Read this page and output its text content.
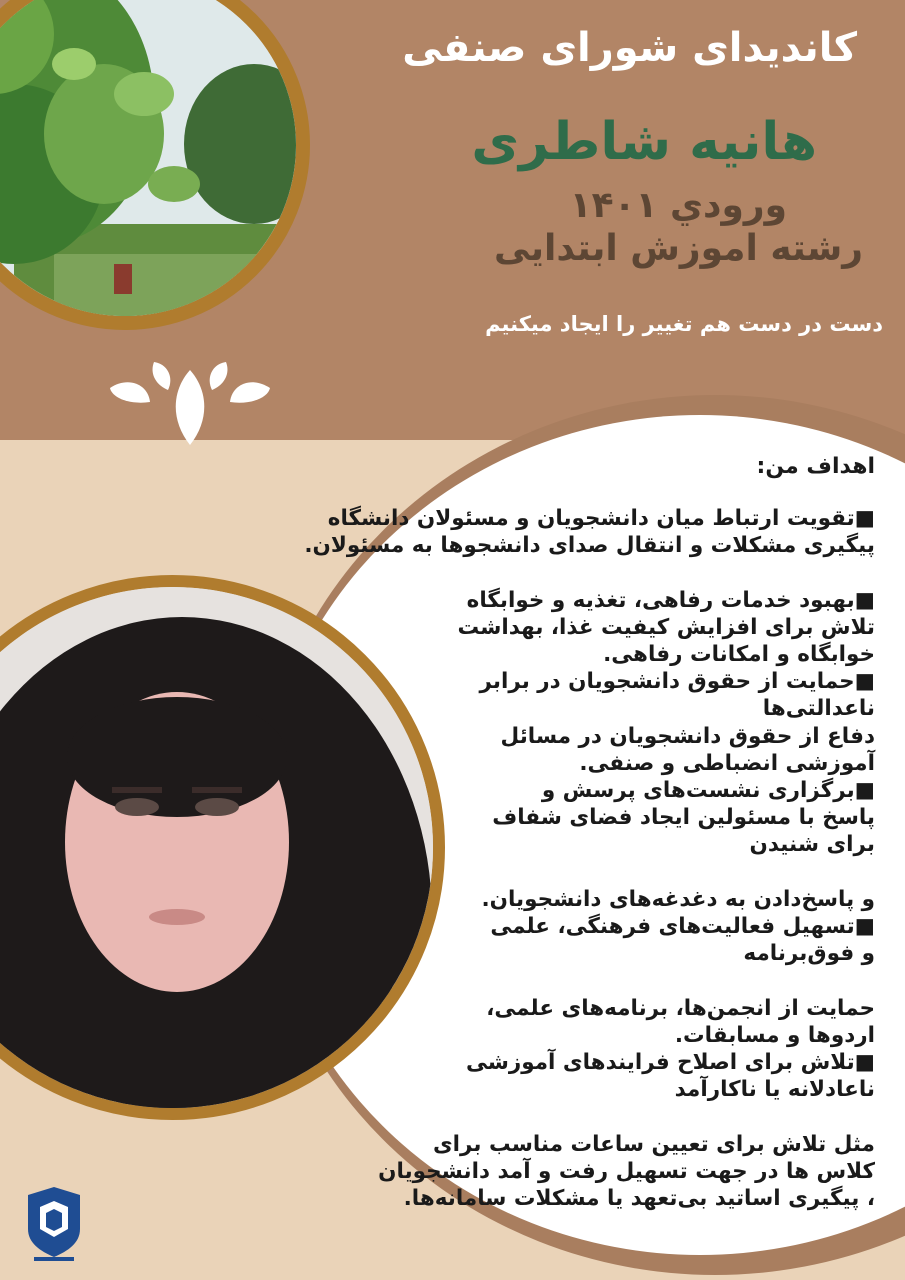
کاندیدای شورای صنفی
هانیه شاطری
ورودي ۱۴۰۱
رشته اموزش ابتدایی
دست در دست هم تغییر را ایجاد میکنیم
اهداف من:
■تقویت ارتباط میان دانشجویان و مسئولان دانشگاه
پیگیری مشکلات و انتقال صدای دانشجوها به مسئولان.

■بهبود خدمات رفاهی، تغذیه و خوابگاه
تلاش برای افزایش کیفیت غذا، بهداشت
خوابگاه و امکانات رفاهی.
■حمایت از حقوق دانشجویان در برابر
ناعدالتی‌ها
دفاع از حقوق دانشجویان در مسائل
آموزشی انضباطی و صنفی.
■برگزاری نشست‌های پرسش و
پاسخ با مسئولین ایجاد فضای شفاف
برای شنیدن

و پاسخ‌دادن به دغدغه‌های دانشجویان.
■تسهیل فعالیت‌های فرهنگی، علمی
و فوق‌برنامه

حمایت از انجمن‌ها، برنامه‌های علمی،
اردوها و مسابقات.
■تلاش برای اصلاح فرایندهای آموزشی
ناعادلانه یا ناکارآمد

مثل تلاش برای تعیین ساعات مناسب برای
کلاس ها در جهت تسهیل رفت و آمد دانشجویان
، پیگیری اساتید بی‌تعهد یا مشکلات سامانه‌ها.
